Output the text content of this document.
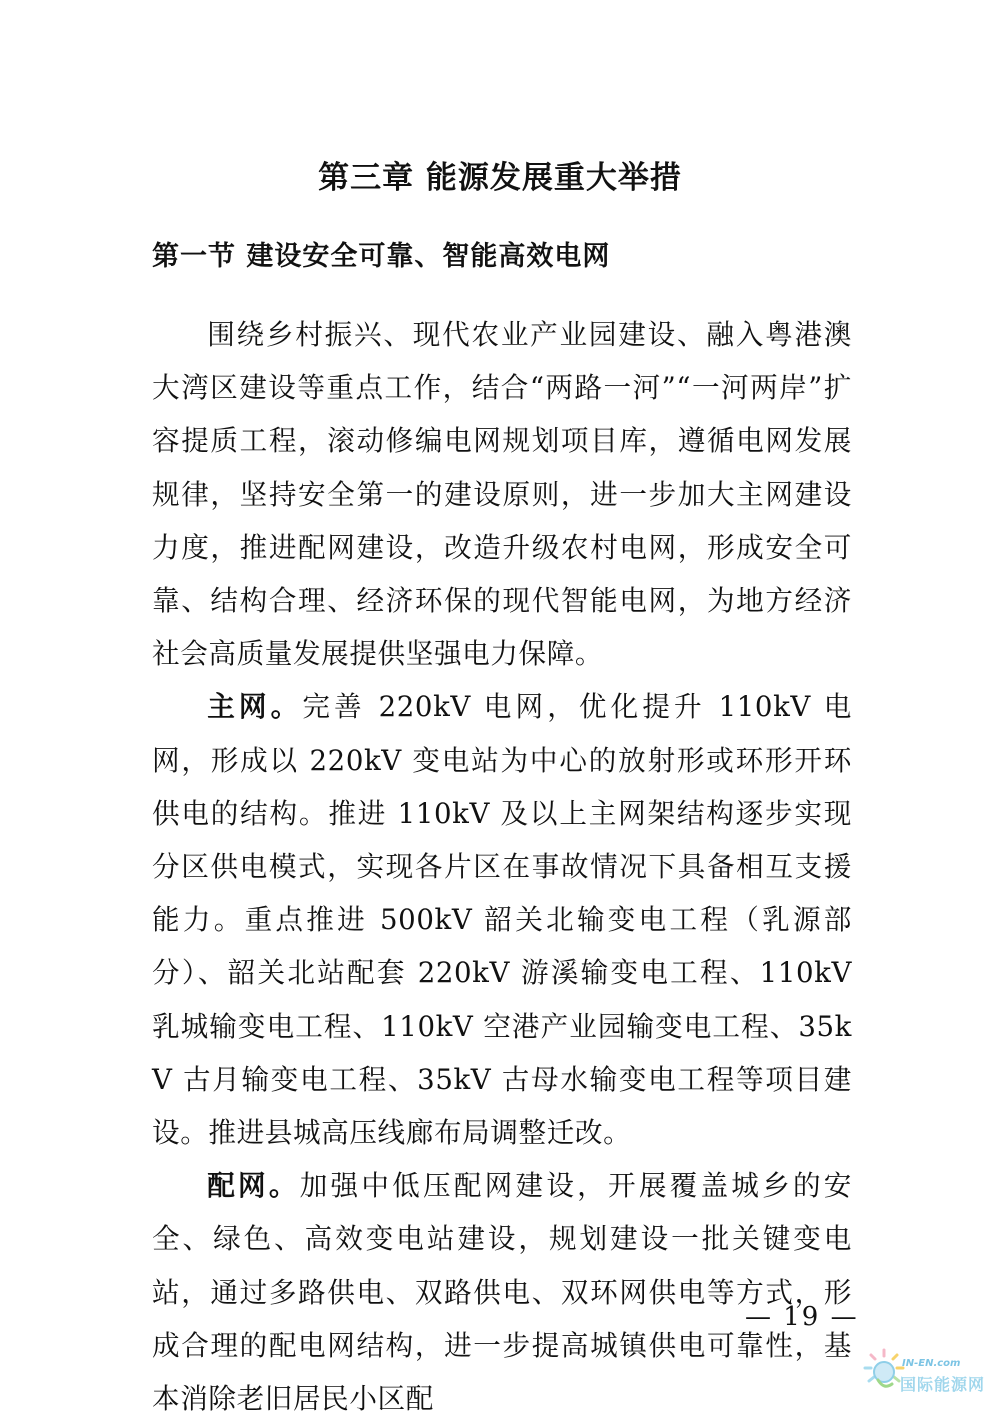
第三章 能源发展重大举措
第一节 建设安全可靠、智能高效电网

围绕乡村振兴、现代农业产业园建设、融入粤港澳大湾区建设等重点工作，结合“两路一河”“一河两岸”扩容提质工程，滚动修编电网规划项目库，遵循电网发展规律，坚持安全第一的建设原则，进一步加大主网建设力度，推进配网建设，改造升级农村电网，形成安全可靠、结构合理、经济环保的现代智能电网，为地方经济社会高质量发展提供坚强电力保障。

主网。完善 220kV 电网，优化提升 110kV 电网，形成以 220kV 变电站为中心的放射形或环形开环供电的结构。推进 110kV 及以上主网架结构逐步实现分区供电模式，实现各片区在事故情况下具备相互支援能力。重点推进 500kV 韶关北输变电工程（乳源部分）、韶关北站配套 220kV 游溪输变电工程、110kV 乳城输变电工程、110kV 空港产业园输变电工程、35kV 古月输变电工程、35kV 古母水输变电工程等项目建设。推进县城高压线廊布局调整迁改。

配网。加强中低压配网建设，开展覆盖城乡的安全、绿色、高效变电站建设，规划建设一批关键变电站，通过多路供电、双路供电、双环网供电等方式，形成合理的配电网结构，进一步提高城镇供电可靠性，基本消除老旧居民小区配

— 19 —
IN-EN.com
国际能源网
